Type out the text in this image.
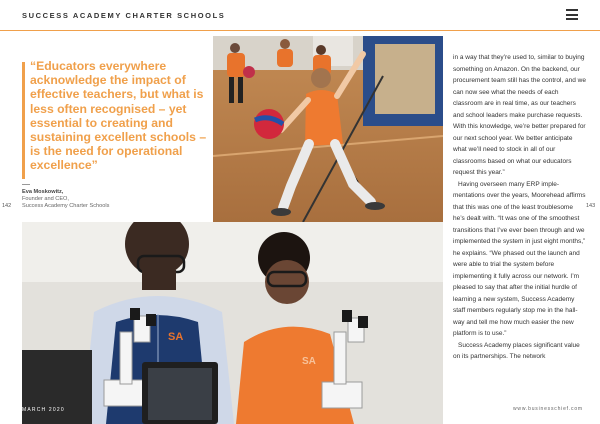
SUCCESS ACADEMY CHARTER SCHOOLS

“Educators everywhere acknowledge the impact of effective teachers, but what is less often recognised – yet essential to creating and sustaining excellent schools – is the need for operational excellence”

Eva Moskowitz,
Founder and CEO,
Success Academy Charter Schools
142	143
SA
SA

in a way that they’re used to, similar to buying something on Amazon. On the backend, our procurement team still has the control, and we can now see what the needs of each classroom are in real time, as our teachers and school leaders make purchase requests. With this knowledge, we’re better prepared for our next school year. We better anticipate what we’ll need to stock in all of our classrooms based on what our educators request this year.”

Having overseen many ERP imple-mentations over the years, Moorehead affirms that this was one of the least troublesome he’s dealt with. “It was one of the smoothest transitions that I’ve ever been through and we implemented the system in just eight months,” he explains. “We phased out the launch and were able to trial the system before implementing it fully across our network. I’m pleased to say that after the initial hurdle of learning a new system, Success Academy staff members regularly stop me in the hall-way and tell me how much easier the new platform is to use.”

Success Academy places significant value on its partnerships. The network

MARCH 2020	www.businesschief.com
